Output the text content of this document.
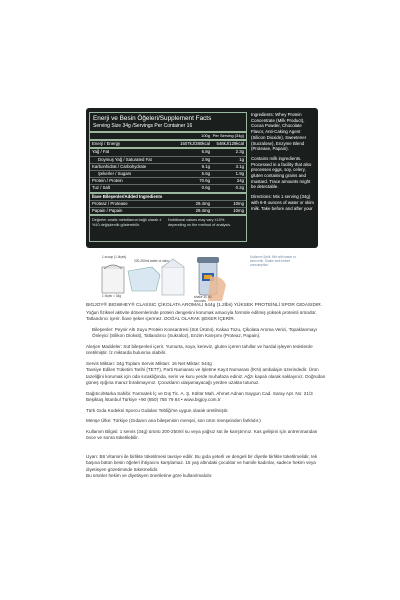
Enerji ve Besin Öğeleri/Supplement Facts
Serving Size 34g /Servings Per Container 16
100g Per Serving (34g)
Enerji / Energy	1607kJ/380kcal	546kJ/129kcal
Yağ / Fat	6.8g	2.3g
Doymuş Yağ / Saturated Fat	2.9g	1g
Karbonhidrat / Carbohydrate	9.1g	3.1g
Şekerler / Sugars	5.6g	1.9g
Protein / Protein	70.6g	24g
Tuz / Salt	0.6g	0.2g
İlave Bileşenler/Added Ingredients
Proteaz / Protease	29.4mg	10mg
Papain / Papain	29.4mg	10mg
Değerler analiz metotlarına bağlı olarak ±%10 değişkenlik gösterebilir.
Nutritional values may vary ±10% depending on the method of analysis.

Ingredients: Whey Protein Concentrate (Milk Product), Cocoa Powder, Chocolate Flavor, Anti-Caking Agent (Silicon Dioxide), Sweetener (Sucralose), Enzyme Blend (Protease, Papain).

Contains milk ingredients. Processed in a facility that also processes eggs, soy, celery, gluten containing grains and mustard. Trace amounts might be detectable.

Directions: Mix 1 serving (34g) with 6-8 ounces of water or skim milk. Take before and after your

1 scoop (1 ölçek)
200-250ml water or skim
1 ölçek = 34g	shake 30-60 seconds
Kullanım Şekli: Mix with water or skim milk. Shake well before consumption.

BIGJOY® BIGWHEY® CLASSIC ÇİKOLATA AROMALI 544g (1.2lbs) YÜKSEK PROTEİNLİ SPOR GIDASIDIR.

Yoğun fiziksel aktivite dönemlerinde protein dengesini korumak amacıyla formüle edilmiş yüksek proteinli üründür. Tatlandırıcı içerir. İlave şeker içermez. DOĞAL OLARAK ŞEKER İÇERİR.

Bileşenler: Peynir Altı Suyu Protein Konsantresi (Süt Ürünü), Kakao Tozu, Çikolata Aroma Verici, Topaklanmayı Önleyici (Silikon Dioksit), Tatlandırıcı (Sukraloz), Enzim Karışımı (Proteaz, Papain).

Alerjen Maddeler: Süt bileşenleri içerir. Yumurta, soya, kereviz, gluten içeren tahıllar ve hardal işleyen tesislerde üretilmiştir. İz miktarda bulunma olabilir.

Servis Miktarı: 34g Toplam Servis Miktarı: 16 Net Miktar: 544g

Tavsiye Edilen Tüketim Tarihi (TETT), Parti Numarası ve İşletme Kayıt Numarası (İKN) ambalajın üzerindedir. Ürün tazeliğini korumak için oda sıcaklığında, serin ve kuru yerde muhafaza ediniz. Ağzı kapalı olarak saklayınız. Doğrudan güneş ışığına maruz bırakmayınız. Çocukların ulaşamayacağı yerden uzakta tutunuz.

Dağıtıcı/Marka Sahibi: Farmatek İç ve Dış Tic. A. Ş. Kültür Mah. Ahmet Adnan Saygun Cad. Saray Apt. No: 21/3 Beşiktaş İstanbul Türkiye +90 (850) 755 79 84 • www.bigjoy.com.tr

Türk Gıda Kodeksi Sporcu Gıdaları Tebliği'ne uygun olarak üretilmiştir.

Menşe Ülke: Türkiye (Gıdanın ana bileşeninin menşei, son ürün menşeinden farklıdır.)

Kullanım Bilgisi: 1 servis (34g) ürünü 200-250ml su veya yağsız süt ile karıştırınız. Kas gelişimi için antrenmandan önce ve sonra tüketilebilir.

Uyarı: B6 Vitamini ile birlikte tüketilmesi tavsiye edilir. Bu gıda yeterli ve dengeli bir diyetle birlikte tüketilmelidir, tek başına bütün besin öğeleri ihtiyacını karşılamaz. 15 yaş altındaki çocuklar ve hamile kadınlar, sadece hekim veya diyetisyen gözetiminde tüketmelidir.

Bu ürünler hekim ve diyetisyen önerilerine göre kullanılmalıdır.
